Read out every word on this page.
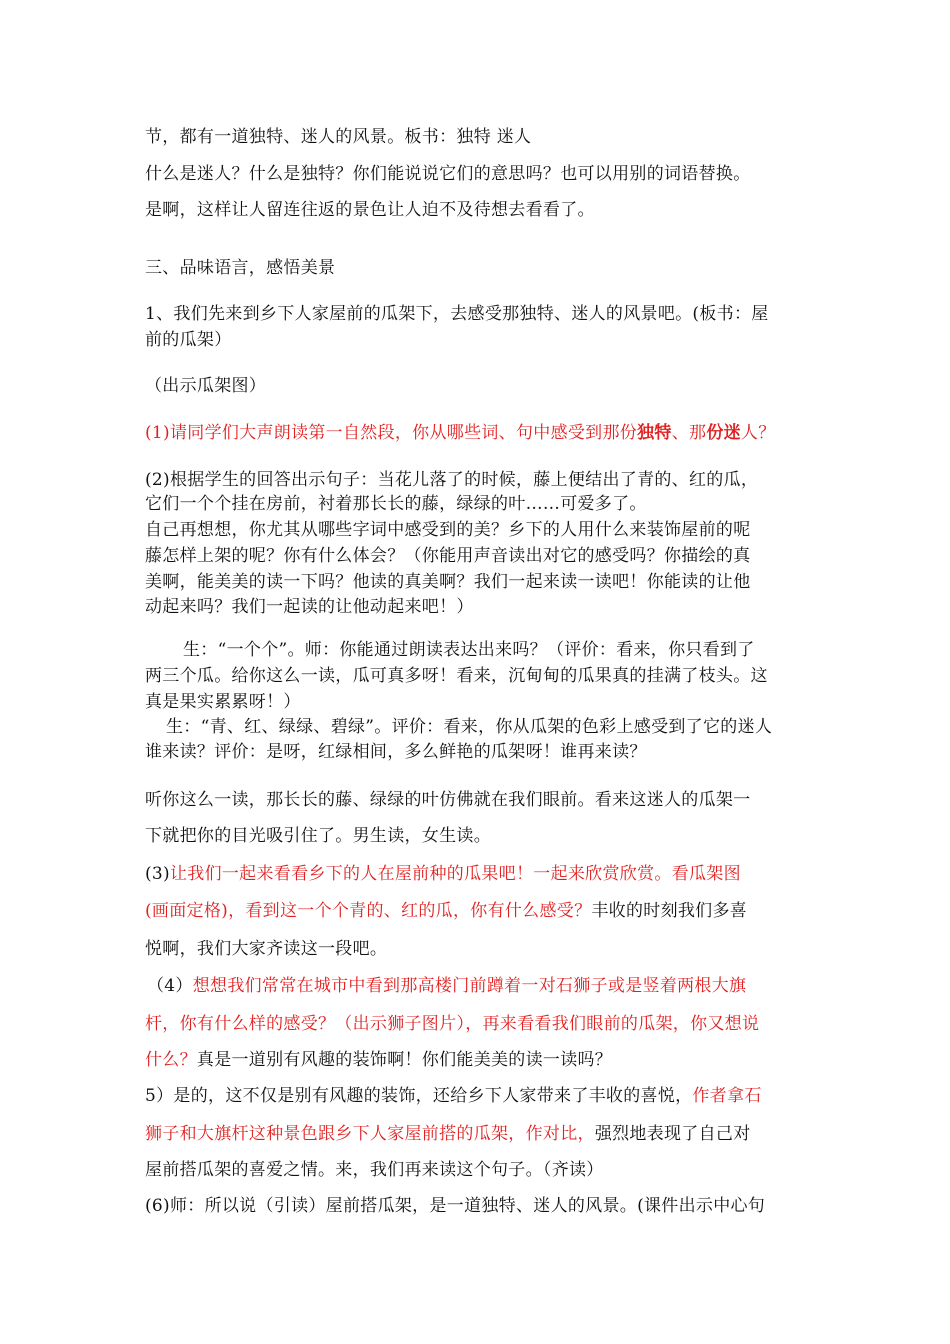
节，都有一道独特、迷人的风景。板书：独特 迷人

什么是迷人？什么是独特？你们能说说它们的意思吗？也可以用别的词语替换。

是啊，这样让人留连往返的景色让人迫不及待想去看看了。

三、品味语言，感悟美景

1、我们先来到乡下人家屋前的瓜架下，去感受那独特、迷人的风景吧。(板书：屋

前的瓜架）

（出示瓜架图）

(1)请同学们大声朗读第一自然段，你从哪些词、句中感受到那份独特、那份迷人？

(2)根据学生的回答出示句子：当花儿落了的时候，藤上便结出了青的、红的瓜，

它们一个个挂在房前，衬着那长长的藤，绿绿的叶……可爱多了。

自己再想想，你尤其从哪些字词中感受到的美？乡下的人用什么来装饰屋前的呢

藤怎样上架的呢？你有什么体会？（你能用声音读出对它的感受吗？你描绘的真

美啊，能美美的读一下吗？他读的真美啊？我们一起来读一读吧！你能读的让他

动起来吗？我们一起读的让他动起来吧！）

生：“一个个”。师：你能通过朗读表达出来吗？（评价：看来，你只看到了

两三个瓜。给你这么一读，瓜可真多呀！看来，沉甸甸的瓜果真的挂满了枝头。这

真是果实累累呀！）

生：“青、红、绿绿、碧绿”。评价：看来，你从瓜架的色彩上感受到了它的迷人

谁来读？评价：是呀，红绿相间，多么鲜艳的瓜架呀！谁再来读？

听你这么一读，那长长的藤、绿绿的叶仿佛就在我们眼前。看来这迷人的瓜架一

下就把你的目光吸引住了。男生读，女生读。

(3)让我们一起来看看乡下的人在屋前种的瓜果吧！一起来欣赏欣赏。看瓜架图

(画面定格)，看到这一个个青的、红的瓜，你有什么感受？丰收的时刻我们多喜

悦啊，我们大家齐读这一段吧。

（4）想想我们常常在城市中看到那高楼门前蹲着一对石狮子或是竖着两根大旗

杆，你有什么样的感受？（出示狮子图片），再来看看我们眼前的瓜架，你又想说

什么？真是一道别有风趣的装饰啊！你们能美美的读一读吗？

5）是的，这不仅是别有风趣的装饰，还给乡下人家带来了丰收的喜悦，作者拿石

狮子和大旗杆这种景色跟乡下人家屋前搭的瓜架，作对比，强烈地表现了自己对

屋前搭瓜架的喜爱之情。来，我们再来读这个句子。（齐读）

(6)师：所以说（引读）屋前搭瓜架，是一道独特、迷人的风景。(课件出示中心句
